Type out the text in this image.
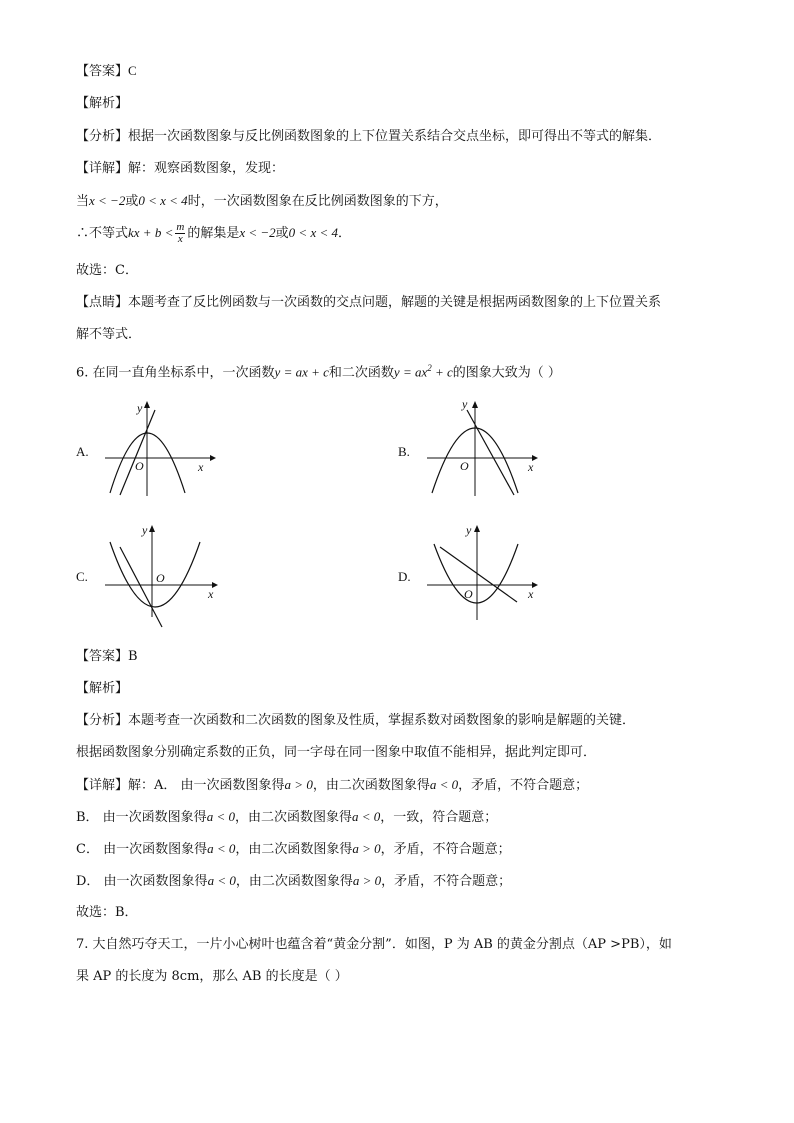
【答案】C
【解析】
【分析】根据一次函数图象与反比例函数图象的上下位置关系结合交点坐标，即可得出不等式的解集．
【详解】解：观察函数图象，发现：
当x < −2或0 < x < 4时，一次函数图象在反比例函数图象的下方，
∴不等式kx + $b < \frac{m}{x}$ 的解集是x < −2或0 < x < 4．
故选：C．
【点睛】本题考查了反比例函数与一次函数的交点问题，解题的关键是根据两函数图象的上下位置关系
解不等式．
6. 在同一直角坐标系中，一次函数y = ax + c和二次函数$y = ax^2 + c$的图象大致为（ ）
A.
x
y
O
B.
x
y
O
C.
x
y
O	D.
x
y
O
【答案】B
【解析】
【分析】本题考查一次函数和二次函数的图象及性质，掌握系数对函数图象的影响是解题的关键．
根据函数图象分别确定系数的正负，同一字母在同一图象中取值不能相异，据此判定即可．
【详解】解：A． 由一次函数图象得a > 0，由二次函数图象得a < 0，矛盾，不符合题意；
B． 由一次函数图象得a < 0，由二次函数图象得a < 0，一致，符合题意；
C． 由一次函数图象得a < 0，由二次函数图象得a > 0，矛盾，不符合题意；
D． 由一次函数图象得a < 0，由二次函数图象得a > 0，矛盾，不符合题意；
故选：B．
7. 大自然巧夺天工，一片小心树叶也蕴含着“黄金分割”．如图，P 为 AB 的黄金分割点（AP >PB），如
果 AP 的长度为 8cm，那么 AB 的长度是（ ）
